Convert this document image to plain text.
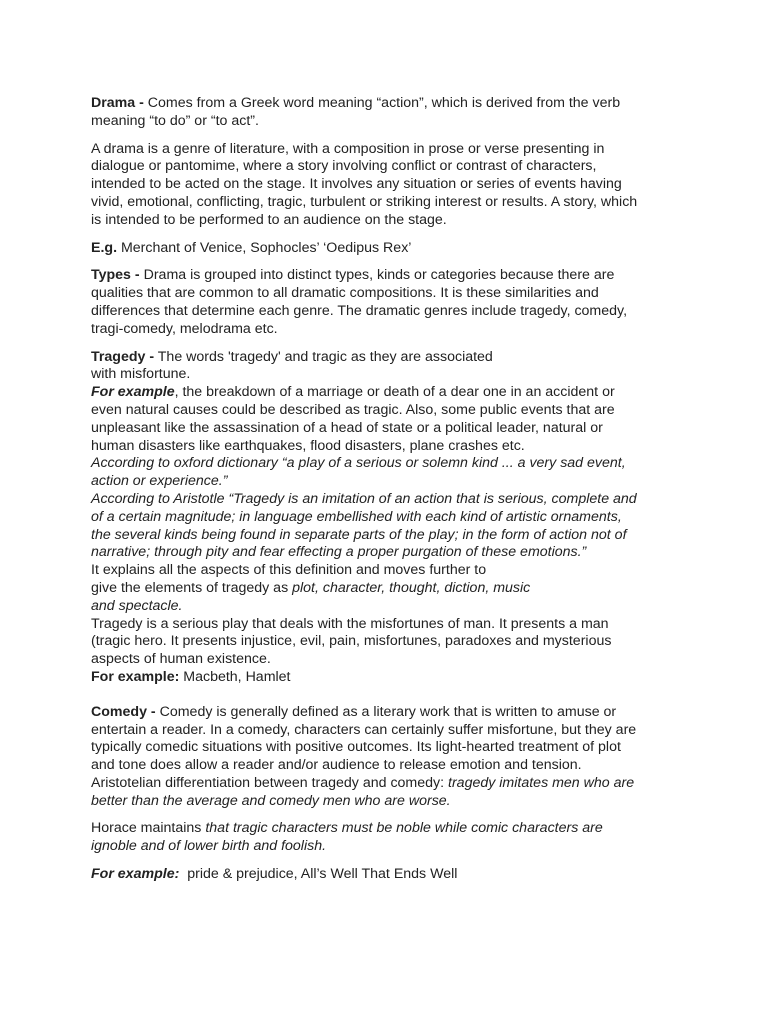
Drama - Comes from a Greek word meaning “action”, which is derived from the verb

meaning “to do” or “to act”.

A drama is a genre of literature, with a composition in prose or verse presenting in

dialogue or pantomime, where a story involving conflict or contrast of characters,

intended to be acted on the stage. It involves any situation or series of events having

vivid, emotional, conflicting, tragic, turbulent or striking interest or results. A story, which

is intended to be performed to an audience on the stage.

E.g. Merchant of Venice, Sophocles’ ‘Oedipus Rex’

Types - Drama is grouped into distinct types, kinds or categories because there are

qualities that are common to all dramatic compositions. It is these similarities and

differences that determine each genre. The dramatic genres include tragedy, comedy,

tragi-comedy, melodrama etc.

Tragedy - The words 'tragedy' and tragic as they are associated

with misfortune.

For example, the breakdown of a marriage or death of a dear one in an accident or

even natural causes could be described as tragic. Also, some public events that are

unpleasant like the assassination of a head of state or a political leader, natural or

human disasters like earthquakes, flood disasters, plane crashes etc.

According to oxford dictionary “a play of a serious or solemn kind ... a very sad event,

action or experience.”

According to Aristotle “Tragedy is an imitation of an action that is serious, complete and

of a certain magnitude; in language embellished with each kind of artistic ornaments,

the several kinds being found in separate parts of the play; in the form of action not of

narrative; through pity and fear effecting a proper purgation of these emotions.”

It explains all the aspects of this definition and moves further to

give the elements of tragedy as plot, character, thought, diction, music

and spectacle.

Tragedy is a serious play that deals with the misfortunes of man. It presents a man

(tragic hero. It presents injustice, evil, pain, misfortunes, paradoxes and mysterious

aspects of human existence.

For example: Macbeth, Hamlet

Comedy - Comedy is generally defined as a literary work that is written to amuse or

entertain a reader. In a comedy, characters can certainly suffer misfortune, but they are

typically comedic situations with positive outcomes. Its light-hearted treatment of plot

and tone does allow a reader and/or audience to release emotion and tension.

Aristotelian differentiation between tragedy and comedy: tragedy imitates men who are

better than the average and comedy men who are worse.

Horace maintains that tragic characters must be noble while comic characters are

ignoble and of lower birth and foolish.

For example: pride & prejudice, All’s Well That Ends Well
